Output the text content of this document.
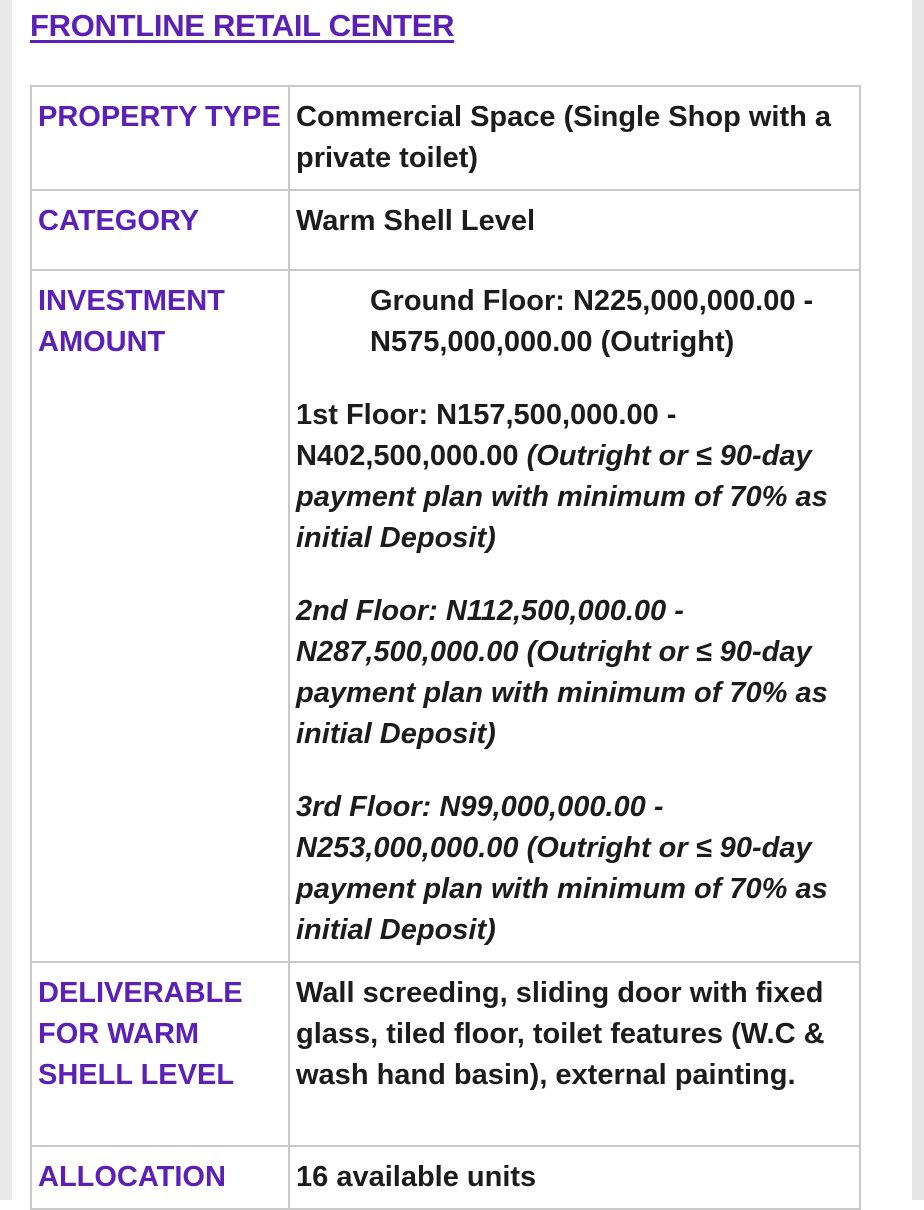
FRONTLINE RETAIL CENTER
PROPERTY TYPE	Commercial Space (Single Shop with a private toilet)
CATEGORY	Warm Shell Level
INVESTMENT AMOUNT	Ground Floor: N225,000,000.00 - N575,000,000.00 (Outright)

1st Floor: N157,500,000.00 - N402,500,000.00 (Outright or ≤ 90-day payment plan with minimum of 70% as initial Deposit)

2nd Floor: N112,500,000.00 - N287,500,000.00 (Outright or ≤ 90-day payment plan with minimum of 70% as initial Deposit)

3rd Floor: N99,000,000.00 - N253,000,000.00 (Outright or ≤ 90-day payment plan with minimum of 70% as initial Deposit)

DELIVERABLE FOR WARM SHELL LEVEL	Wall screeding, sliding door with fixed glass, tiled floor, toilet features (W.C & wash hand basin), external painting.
ALLOCATION	16 available units
